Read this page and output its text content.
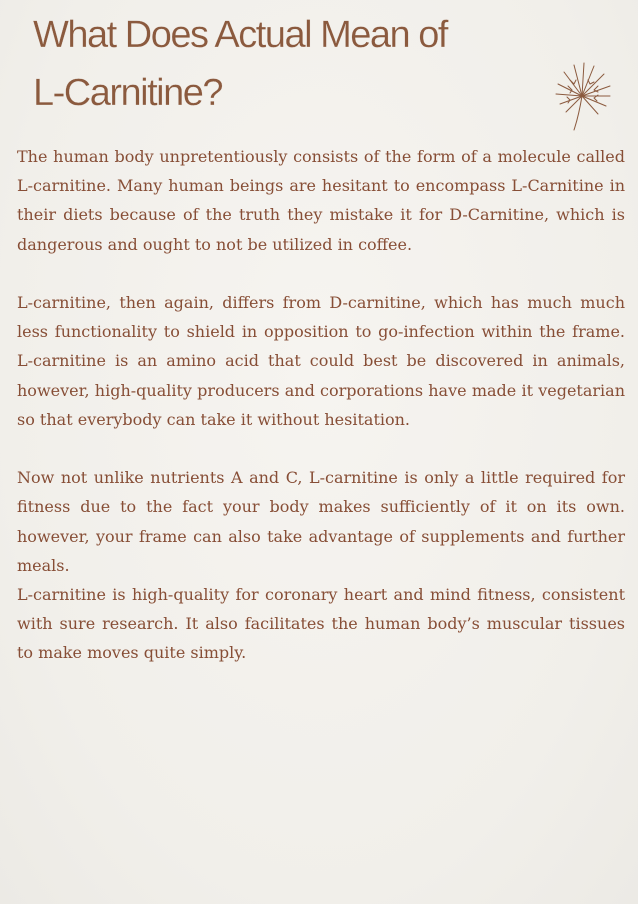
What Does Actual Mean of
L-Carnitine?

The human body unpretentiously consists of the form of a molecule called L-carnitine. Many human beings are hesitant to encompass L-Carnitine in their diets because of the truth they mistake it for D-Carnitine, which is dangerous and ought to not be utilized in coffee.

L-carnitine, then again, differs from D-carnitine, which has much much less functionality to shield in opposition to go-infection within the frame. L-carnitine is an amino acid that could best be discovered in animals, however, high-quality producers and corporations have made it vegetarian so that everybody can take it without hesitation.

Now not unlike nutrients A and C, L-carnitine is only a little required for fitness due to the fact your body makes sufficiently of it on its own. however, your frame can also take advantage of supplements and further meals.

L-carnitine is high-quality for coronary heart and mind fitness, consistent with sure research. It also facilitates the human body’s muscular tissues to make moves quite simply.
